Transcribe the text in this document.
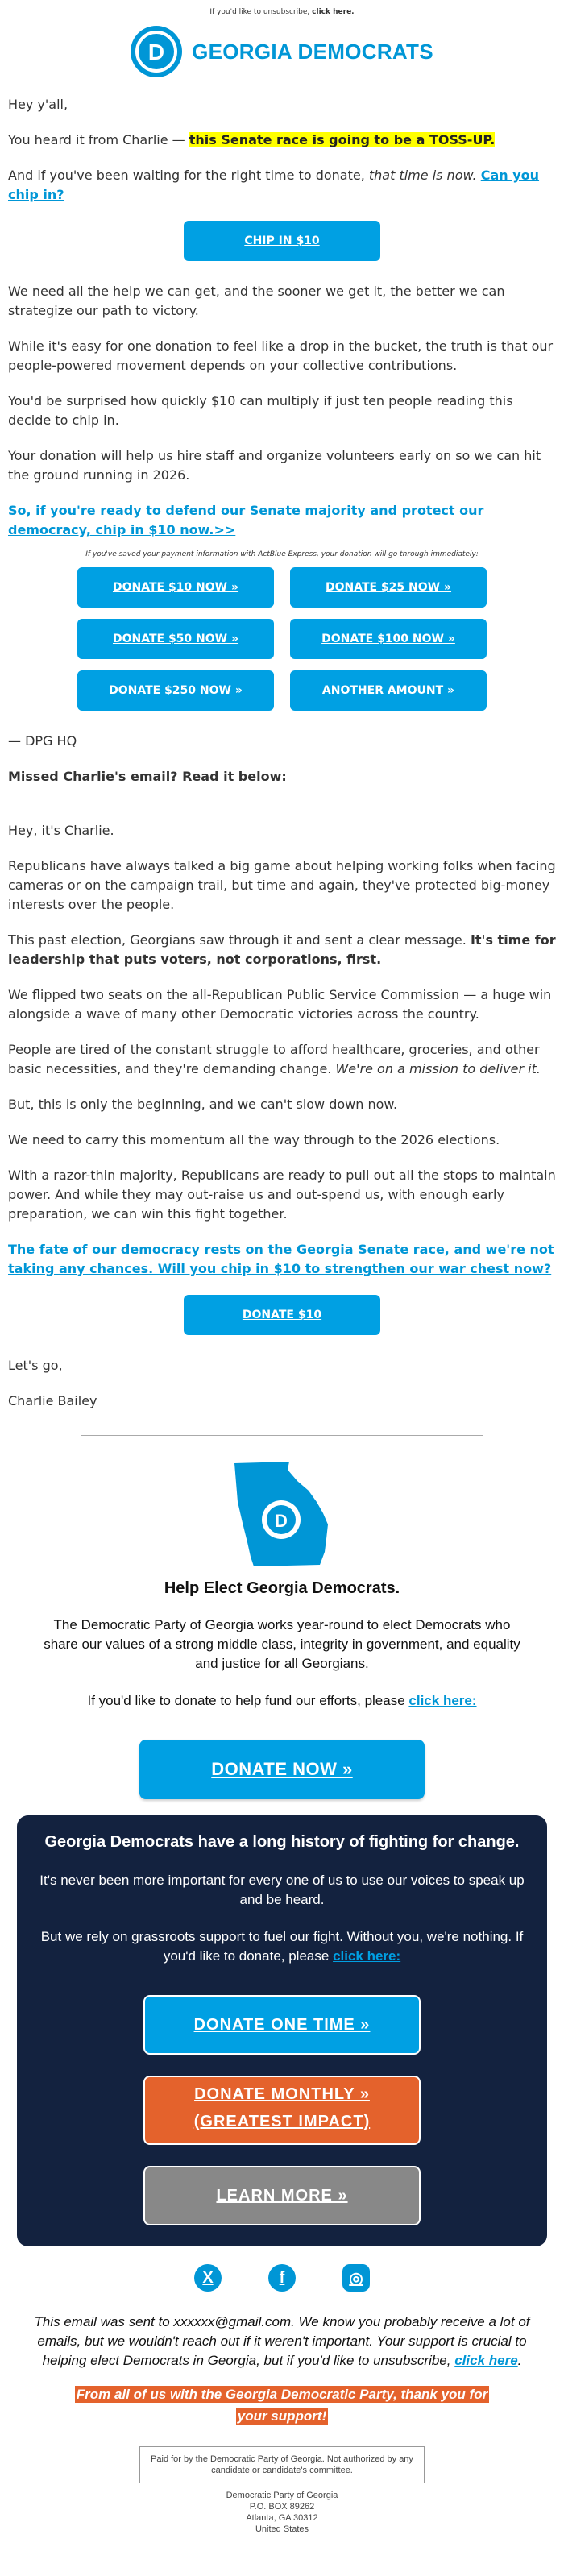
If you'd like to unsubscribe, click here.
D GEORGIA DEMOCRATS

Hey y'all,

You heard it from Charlie — this Senate race is going to be a TOSS-UP.

And if you've been waiting for the right time to donate, that time is now. Can you chip in?

CHIP IN $10

We need all the help we can get, and the sooner we get it, the better we can strategize our path to victory.

While it's easy for one donation to feel like a drop in the bucket, the truth is that our people-powered movement depends on your collective contributions.

You'd be surprised how quickly $10 can multiply if just ten people reading this decide to chip in.

Your donation will help us hire staff and organize volunteers early on so we can hit the ground running in 2026.

So, if you're ready to defend our Senate majority and protect our democracy, chip in $10 now.>>

If you've saved your payment information with ActBlue Express, your donation will go through immediately:
DONATE $10 NOW »	DONATE $25 NOW »
DONATE $50 NOW »	DONATE $100 NOW »
DONATE $250 NOW »	ANOTHER AMOUNT »

— DPG HQ

Missed Charlie's email? Read it below:

Hey, it's Charlie.

Republicans have always talked a big game about helping working folks when facing cameras or on the campaign trail, but time and again, they've protected big-money interests over the people.

This past election, Georgians saw through it and sent a clear message. It's time for leadership that puts voters, not corporations, first.

We flipped two seats on the all-Republican Public Service Commission — a huge win alongside a wave of many other Democratic victories across the country.

People are tired of the constant struggle to afford healthcare, groceries, and other basic necessities, and they're demanding change. We're on a mission to deliver it.

But, this is only the beginning, and we can't slow down now.

We need to carry this momentum all the way through to the 2026 elections.

With a razor-thin majority, Republicans are ready to pull out all the stops to maintain power. And while they may out-raise us and out-spend us, with enough early preparation, we can win this fight together.

The fate of our democracy rests on the Georgia Senate race, and we're not taking any chances. Will you chip in $10 to strengthen our war chest now?

DONATE $10

Let's go,

Charlie Bailey

D
Help Elect Georgia Democrats.

The Democratic Party of Georgia works year-round to elect Democrats who share our values of a strong middle class, integrity in government, and equality and justice for all Georgians.

If you'd like to donate to help fund our efforts, please click here:

DONATE NOW »
Georgia Democrats have a long history of fighting for change.

It's never been more important for every one of us to use our voices to speak up and be heard.

But we rely on grassroots support to fuel our fight. Without you, we're nothing. If you'd like to donate, please click here:

DONATE ONE TIME »
DONATE MONTHLY »
(GREATEST IMPACT)
LEARN MORE »
X	f	◎

This email was sent to xxxxxx@gmail.com. We know you probably receive a lot of emails, but we wouldn't reach out if it weren't important. Your support is crucial to helping elect Democrats in Georgia, but if you'd like to unsubscribe, click here.

From all of us with the Georgia Democratic Party, thank you for your support!
Paid for by the Democratic Party of Georgia. Not authorized by any candidate or candidate's committee.
Democratic Party of Georgia
P.O. BOX 89262
Atlanta, GA 30312
United States
